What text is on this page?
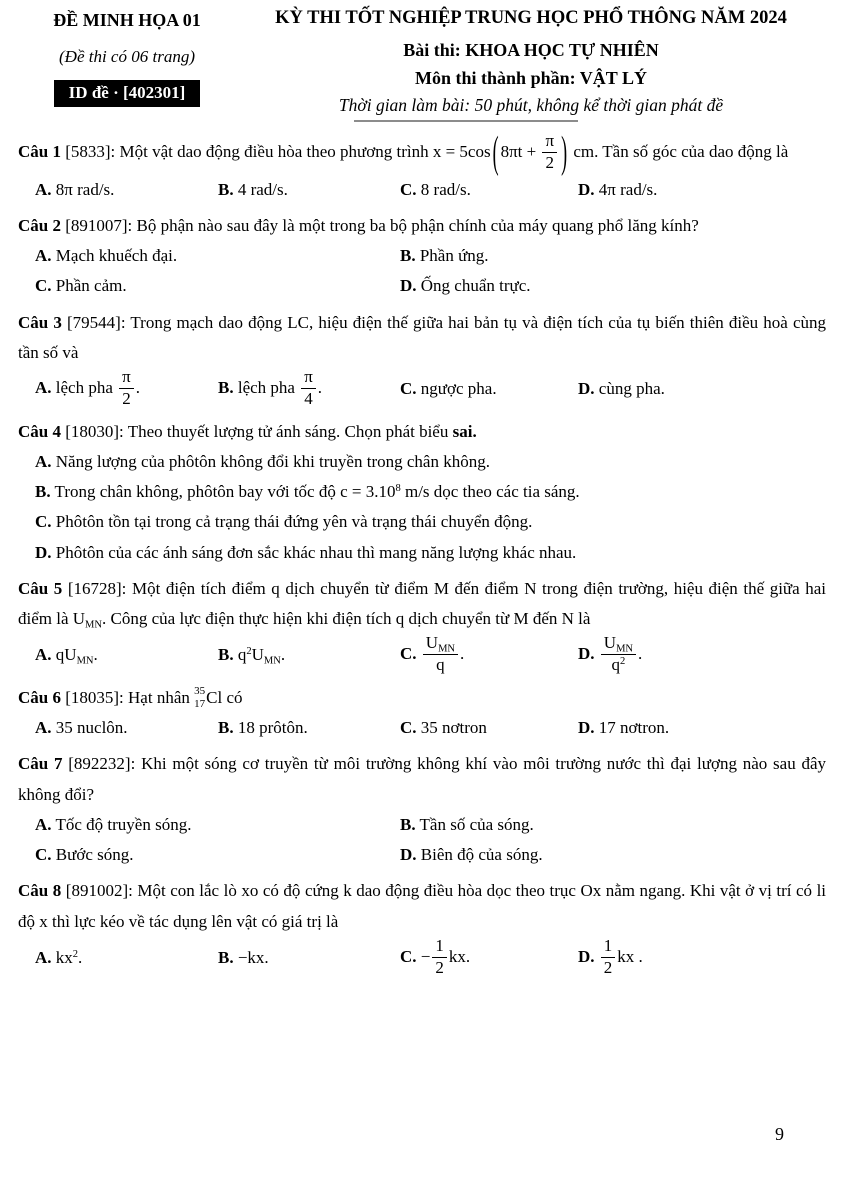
ĐỀ MINH HỌA 01
(Đề thi có 06 trang)
ID đề · [402301]
KỲ THI TỐT NGHIỆP TRUNG HỌC PHỔ THÔNG NĂM 2024
Bài thi: KHOA HỌC TỰ NHIÊN
Môn thi thành phần: VẬT LÝ
Thời gian làm bài: 50 phút, không kể thời gian phát đề

Câu 1 [5833]: Một vật dao động điều hòa theo phương trình x = 5cos ( $8\pi t + \frac{\pi}{2}$ ) cm. Tần số góc của dao động là

A. 8π rad/s.	B. 4 rad/s.	C. 8 rad/s.	D. 4π rad/s.

Câu 2 [891007]: Bộ phận nào sau đây là một trong ba bộ phận chính của máy quang phổ lăng kính?

A. Mạch khuếch đại.	B. Phần ứng.
C. Phần cảm.	D. Ống chuẩn trực.

Câu 3 [79544]: Trong mạch dao động LC, hiệu điện thế giữa hai bản tụ và điện tích của tụ biến thiên điều hoà cùng tần số và

A. lệch pha $\frac{\pi}{2}$ .	B. lệch pha $\frac{\pi}{4}$ .	C. ngược pha.	D. cùng pha.

Câu 4 [18030]: Theo thuyết lượng tử ánh sáng. Chọn phát biểu sai.

A. Năng lượng của phôtôn không đổi khi truyền trong chân không.
B. Trong chân không, phôtôn bay với tốc độ $c = 3.10^8$ m/s dọc theo các tia sáng.
C. Phôtôn tồn tại trong cả trạng thái đứng yên và trạng thái chuyển động.
D. Phôtôn của các ánh sáng đơn sắc khác nhau thì mang năng lượng khác nhau.

Câu 5 [16728]: Một điện tích điểm q dịch chuyển từ điểm M đến điểm N trong điện trường, hiệu điện thế giữa hai điểm là $U_{MN}$. Công của lực điện thực hiện khi điện tích q dịch chuyển từ M đến N là

A. $qU_{MN}$.	B. $q^2U_{MN}$.	C. $\frac{U_{MN}}{q}$ .	D. $\frac{U_{MN}}{q^2}$ .

Câu 6 [18035]: Hạt nhân 35
17 Cl có

A. 35 nuclôn.	B. 18 prôtôn.	C. 35 nơtron	D. 17 nơtron.

Câu 7 [892232]: Khi một sóng cơ truyền từ môi trường không khí vào môi trường nước thì đại lượng nào sau đây không đổi?

A. Tốc độ truyền sóng.	B. Tần số của sóng.
C. Bước sóng.	D. Biên độ của sóng.

Câu 8 [891002]: Một con lắc lò xo có độ cứng k dao động điều hòa dọc theo trục Ox nằm ngang. Khi vật ở vị trí có li độ x thì lực kéo về tác dụng lên vật có giá trị là

A. $kx^2$.	B. −kx.	C. − $\frac{1}{2}$ kx.	D. $\frac{1}{2}$ kx .
9
